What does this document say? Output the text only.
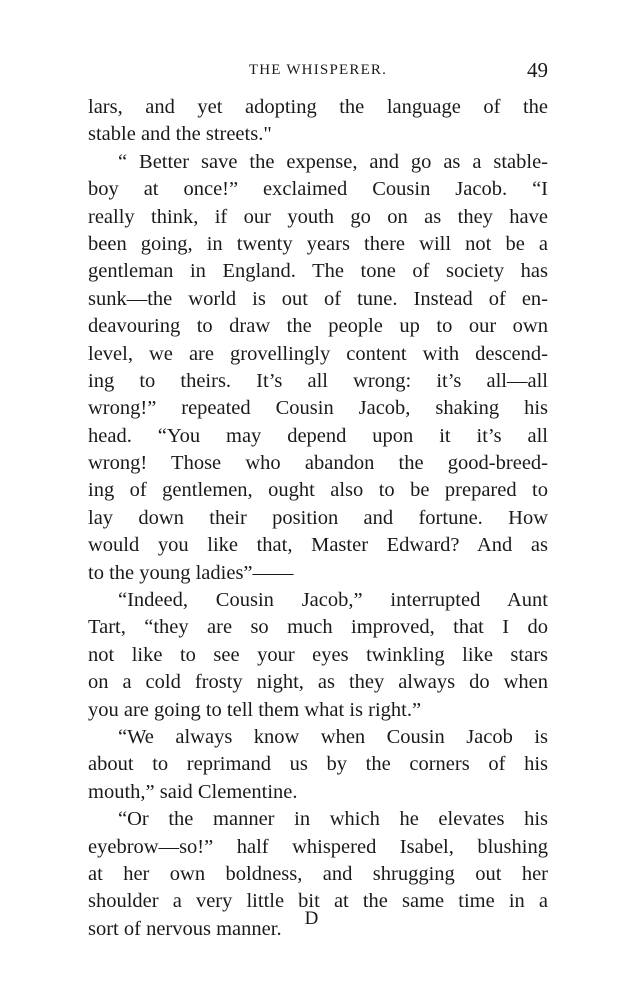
THE WHISPERER.	49
lars, and yet adopting the language of the
stable and the streets."
“ Better save the expense, and go as a stable-
boy at once!” exclaimed Cousin Jacob. “I
really think, if our youth go on as they have
been going, in twenty years there will not be a
gentleman in England. The tone of society has
sunk—the world is out of tune. Instead of en-
deavouring to draw the people up to our own
level, we are grovellingly content with descend-
ing to theirs. It’s all wrong: it’s all—all
wrong!” repeated Cousin Jacob, shaking his
head. “You may depend upon it it’s all
wrong! Those who abandon the good-breed-
ing of gentlemen, ought also to be prepared to
lay down their position and fortune. How
would you like that, Master Edward? And as
to the young ladies”——
“Indeed, Cousin Jacob,” interrupted Aunt
Tart, “they are so much improved, that I do
not like to see your eyes twinkling like stars
on a cold frosty night, as they always do when
you are going to tell them what is right.”
“We always know when Cousin Jacob is
about to reprimand us by the corners of his
mouth,” said Clementine.
“Or the manner in which he elevates his
eyebrow—so!” half whispered Isabel, blushing
at her own boldness, and shrugging out her
shoulder a very little bit at the same time in a
sort of nervous manner.	D
